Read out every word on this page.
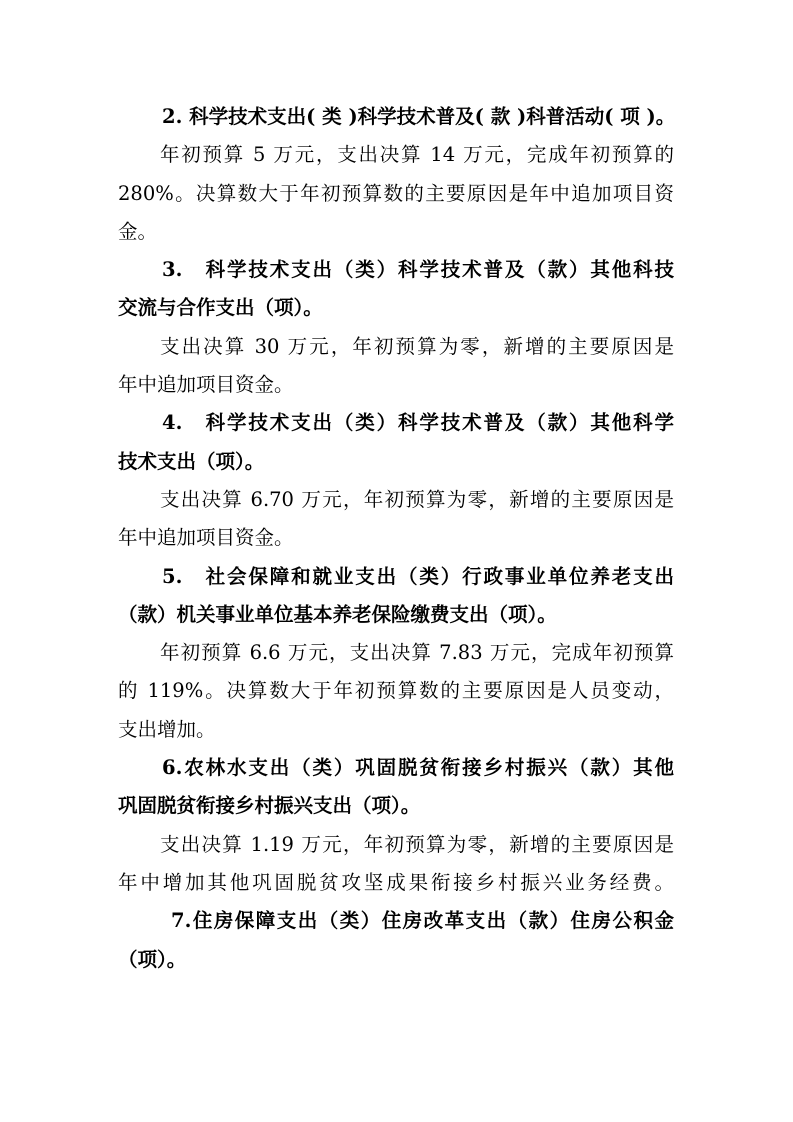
2. 科学技术支出( 类 )科学技术普及( 款 )科普活动( 项 )。
年初预算 5 万元，支出决算 14 万元，完成年初预算的
280%。决算数大于年初预算数的主要原因是年中追加项目资
金。
3.　科学技术支出（类）科学技术普及（款）其他科技
交流与合作支出（项）。
支出决算 30 万元，年初预算为零，新增的主要原因是
年中追加项目资金。
4.　科学技术支出（类）科学技术普及（款）其他科学
技术支出（项）。
支出决算 6.70 万元，年初预算为零，新增的主要原因是
年中追加项目资金。
5.　社会保障和就业支出（类）行政事业单位养老支出
（款）机关事业单位基本养老保险缴费支出（项）。
年初预算 6.6 万元，支出决算 7.83 万元，完成年初预算
的 119%。决算数大于年初预算数的主要原因是人员变动，
支出增加。
6.农林水支出（类）巩固脱贫衔接乡村振兴（款）其他
巩固脱贫衔接乡村振兴支出（项）。
支出决算 1.19 万元，年初预算为零，新增的主要原因是
年中增加其他巩固脱贫攻坚成果衔接乡村振兴业务经费。
7.住房保障支出（类）住房改革支出（款）住房公积金
（项）。
